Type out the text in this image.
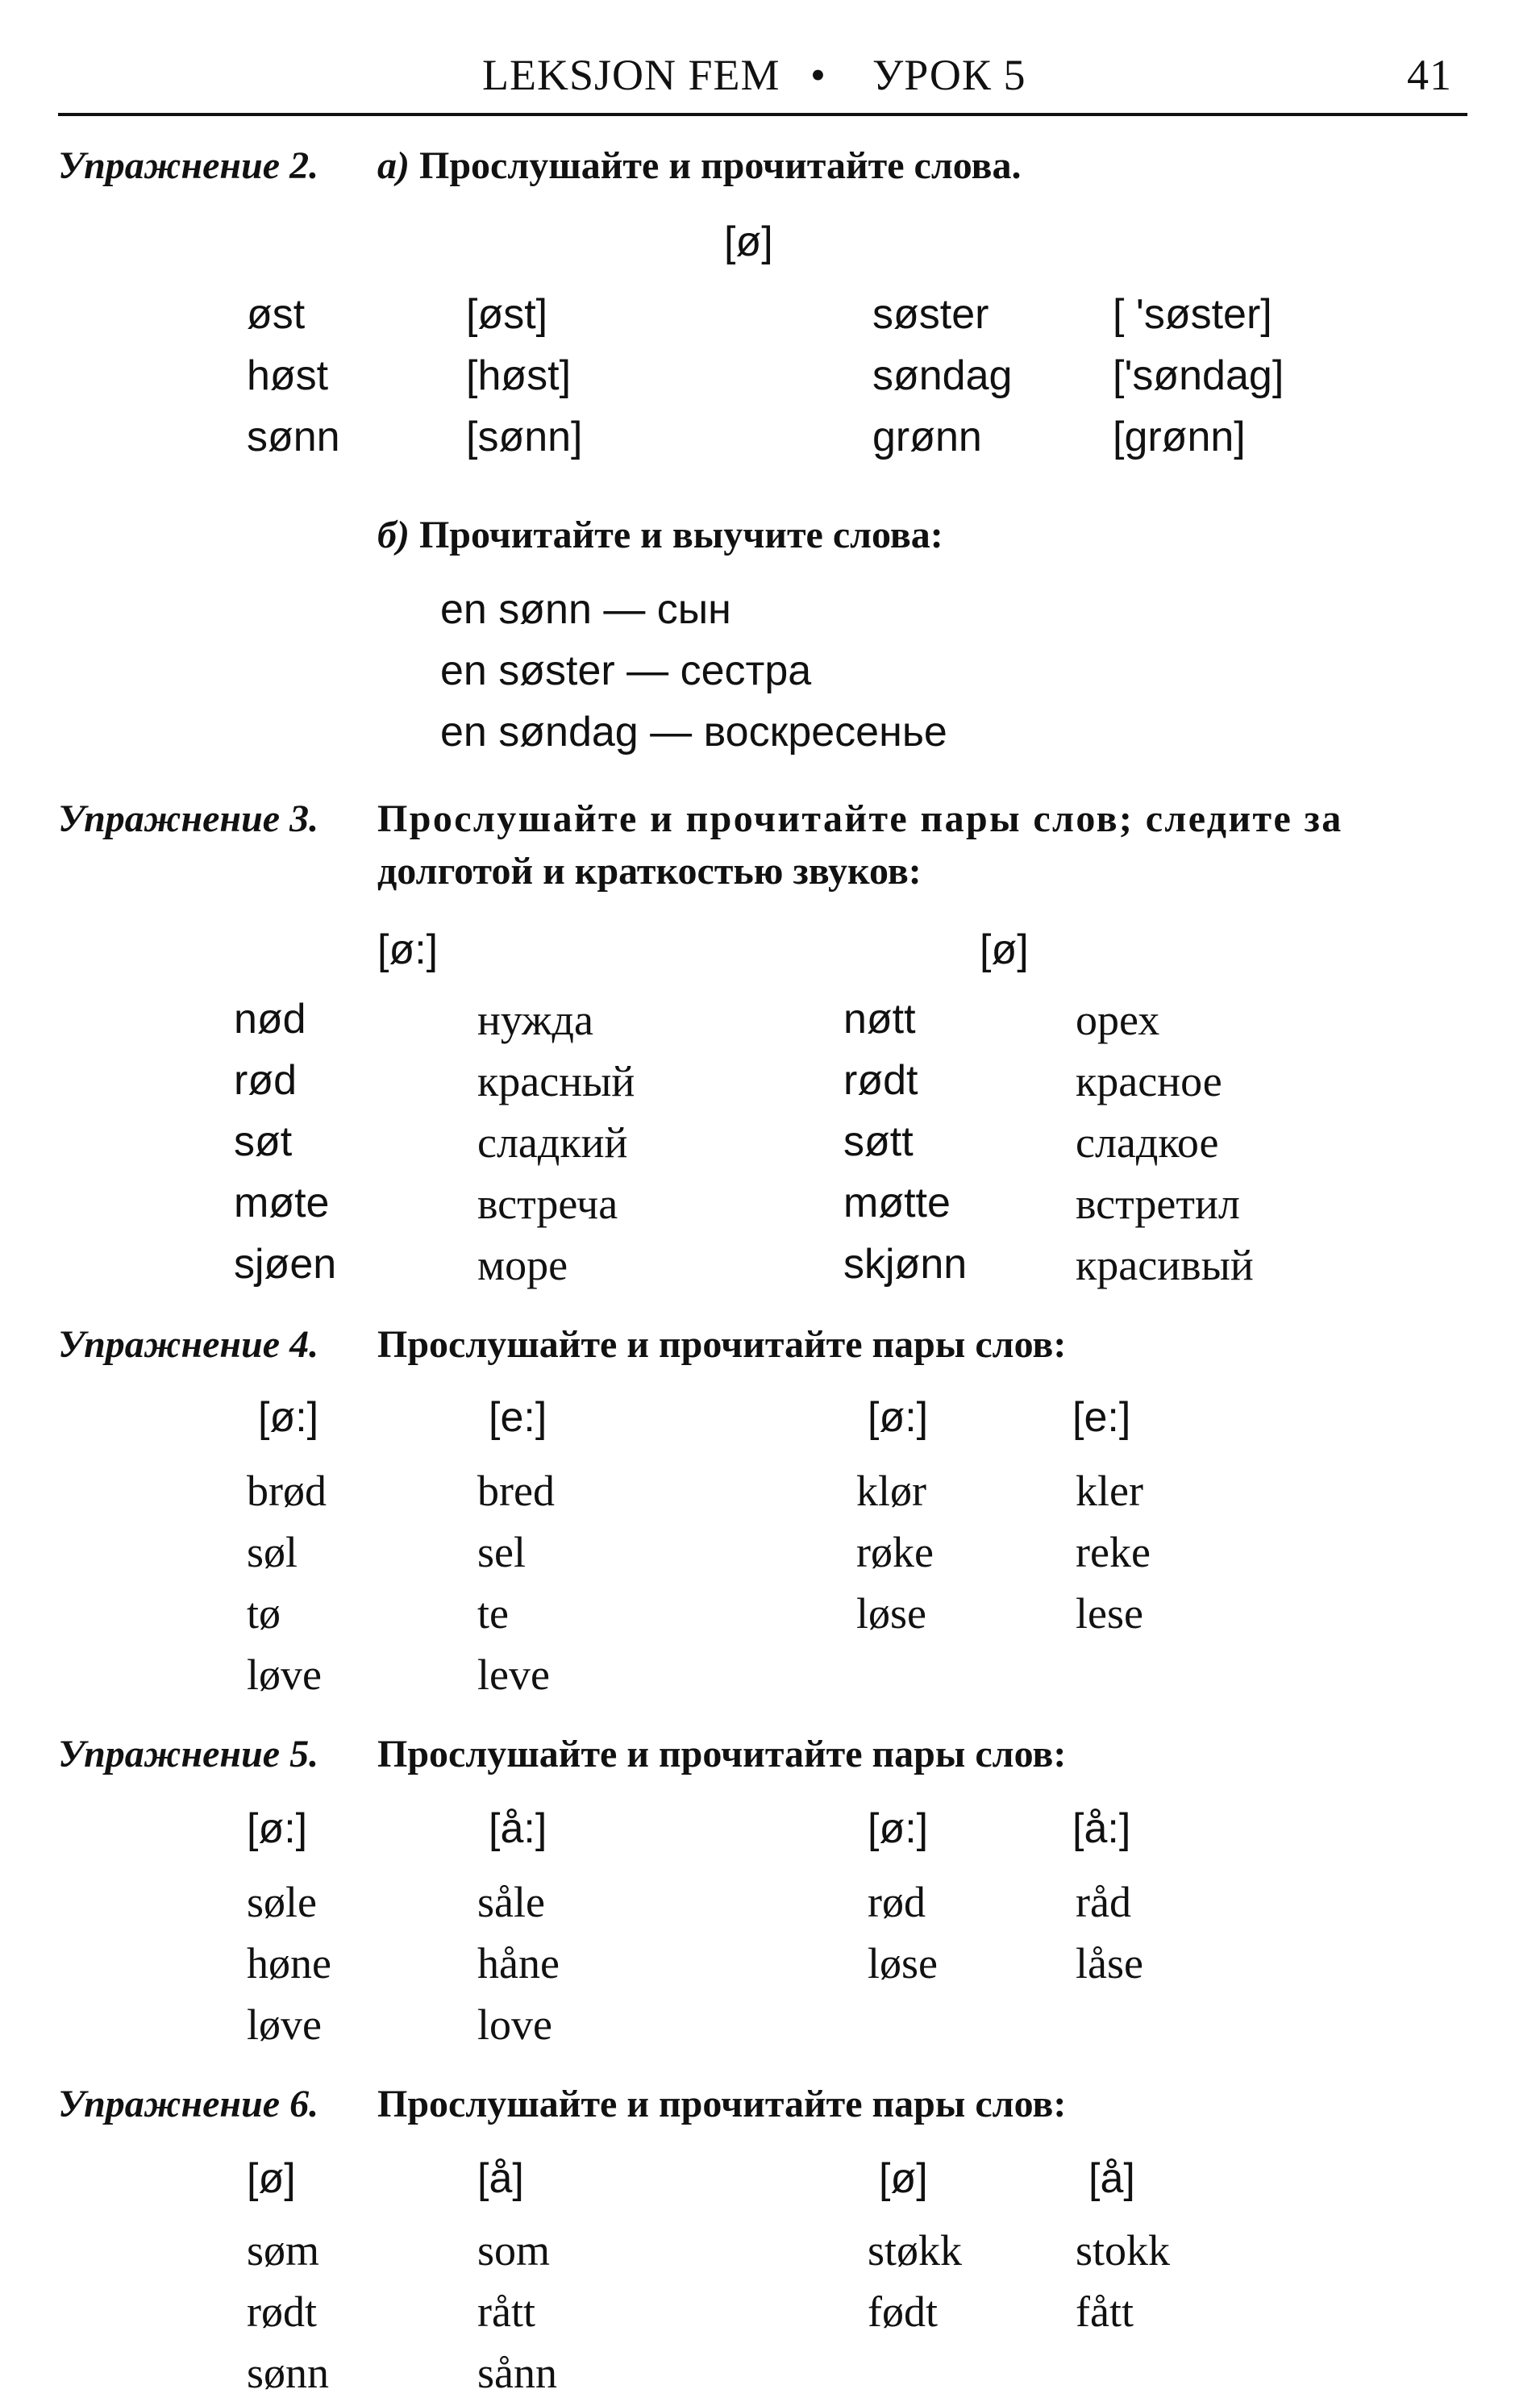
LEKSJON FEM • УРОК 5	41
Упражнение 2. а) Прослушайте и прочитайте слова.
[ø]
øst	[øst]	søster	[ 'søster]
høst	[høst]	søndag ['søndag]
sønn	[sønn]	grønn	[grønn]
б) Прочитайте и выучите слова:
en sønn — сын
en søster — сестра
en søndag — воскресенье
Упражнение 3. Прослушайте и прочитайте пары слов; следите за
долготой и краткостью звуков:
[ø:]	[ø]
nød	нужда	nøtt	орех
rød	красный	rødt	красное
søt	сладкий	søtt	сладкое
møte	встреча	møtte	встретил
sjøen	море	skjønn красивый
Упражнение 4. Прослушайте и прочитайте пары слов:
[ø:]	[e:]	[ø:]	[e:]
brød	bred	klør	kler
søl	sel	røke	reke
tø	te	løse	lese
løve	leve
Упражнение 5. Прослушайте и прочитайте пары слов:
[ø:]	[å:]	[ø:]	[å:]
søle	såle	rød	råd
høne	håne	løse	låse
løve	love
Упражнение 6. Прослушайте и прочитайте пары слов:
[ø]	[å]	[ø]	[å]
søm	som	støkk	stokk
rødt	rått	født	fått
sønn	sånn
